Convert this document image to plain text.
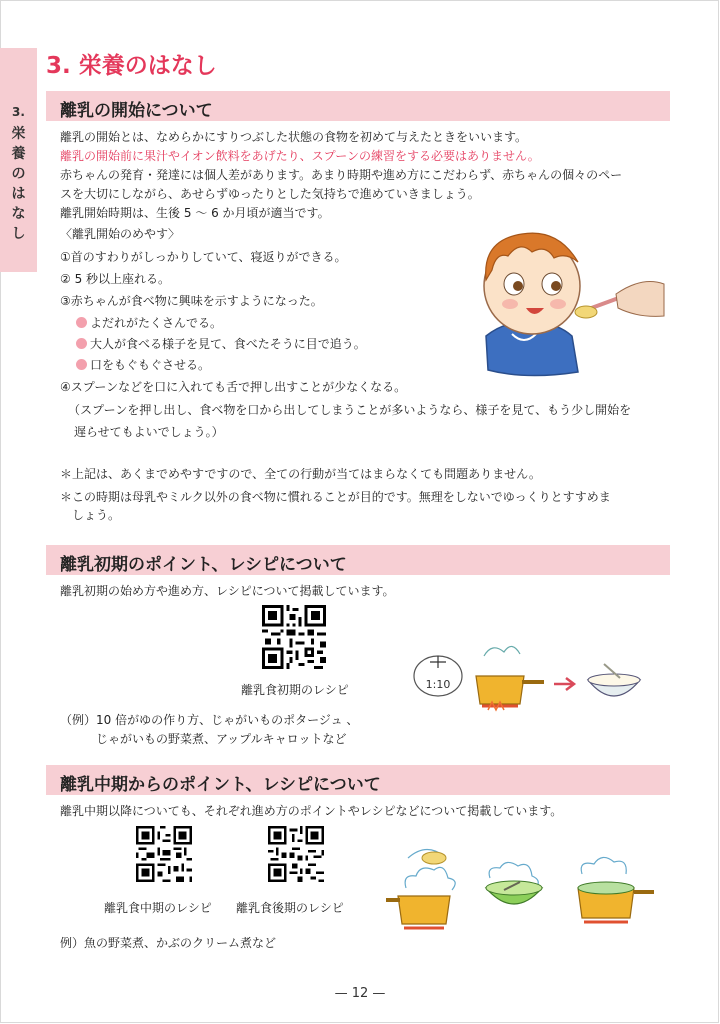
3.
栄
養
の
は
な
し
3. 栄養のはなし
離乳の開始について
離乳の開始とは、なめらかにすりつぶした状態の食物を初めて与えたときをいいます。
離乳の開始前に果汁やイオン飲料をあげたり、スプーンの練習をする必要はありません。
赤ちゃんの発育・発達には個人差があります。あまり時期や進め方にこだわらず、赤ちゃんの個々のペー
スを大切にしながら、あせらずゆったりとした気持ちで進めていきましょう。
離乳開始時期は、生後 5 〜 6 か月頃が適当です。
〈離乳開始のめやす〉
①首のすわりがしっかりしていて、寝返りができる。
② 5 秒以上座れる。
③赤ちゃんが食べ物に興味を示すようになった。
よだれがたくさんでる。
大人が食べる様子を見て、食べたそうに目で追う。
口をもぐもぐさせる。
④スプーンなどを口に入れても舌で押し出すことが少なくなる。
（スプーンを押し出し、食べ物を口から出してしまうことが多いようなら、様子を見て、もう少し開始を
遅らせてもよいでしょう。）
＊上記は、あくまでめやすですので、全ての行動が当てはまらなくても問題ありません。
＊この時期は母乳やミルク以外の食べ物に慣れることが目的です。無理をしないでゆっくりとすすめま
しょう。
離乳初期のポイント、レシピについて
離乳初期の始め方や進め方、レシピについて掲載しています。
離乳食初期のレシピ	1:10
（例）10 倍がゆの作り方、じゃがいものポタージュ 、
じゃがいもの野菜煮、アップルキャロットなど
離乳中期からのポイント、レシピについて
離乳中期以降についても、それぞれ進め方のポイントやレシピなどについて掲載しています。
離乳食中期のレシピ 離乳食後期のレシピ
例）魚の野菜煮、かぶのクリーム煮など
— 12 —
